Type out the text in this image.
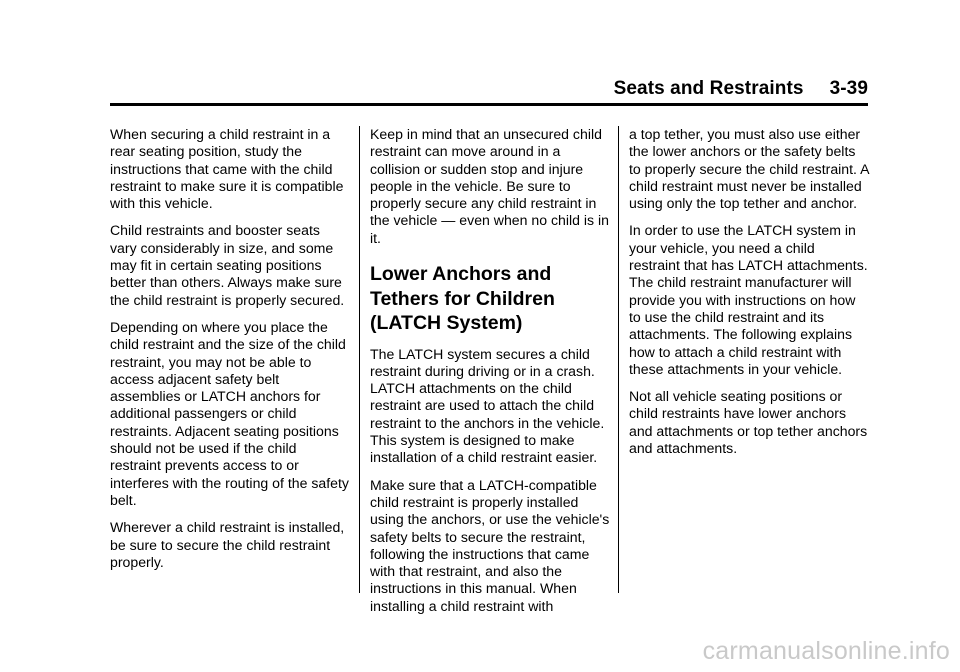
Seats and Restraints 3-39

When securing a child restraint in a rear seating position, study the instructions that came with the child restraint to make sure it is compatible with this vehicle.

Child restraints and booster seats vary considerably in size, and some may fit in certain seating positions better than others. Always make sure the child restraint is properly secured.

Depending on where you place the child restraint and the size of the child restraint, you may not be able to access adjacent safety belt assemblies or LATCH anchors for additional passengers or child restraints. Adjacent seating positions should not be used if the child restraint prevents access to or interferes with the routing of the safety belt.

Wherever a child restraint is installed, be sure to secure the child restraint properly.

Keep in mind that an unsecured child restraint can move around in a collision or sudden stop and injure people in the vehicle. Be sure to properly secure any child restraint in the vehicle — even when no child is in it.

Lower Anchors and Tethers for Children (LATCH System)

The LATCH system secures a child restraint during driving or in a crash. LATCH attachments on the child restraint are used to attach the child restraint to the anchors in the vehicle. This system is designed to make installation of a child restraint easier.

Make sure that a LATCH-compatible child restraint is properly installed using the anchors, or use the vehicle's safety belts to secure the restraint, following the instructions that came with that restraint, and also the instructions in this manual. When installing a child restraint with

a top tether, you must also use either the lower anchors or the safety belts to properly secure the child restraint. A child restraint must never be installed using only the top tether and anchor.

In order to use the LATCH system in your vehicle, you need a child restraint that has LATCH attachments. The child restraint manufacturer will provide you with instructions on how to use the child restraint and its attachments. The following explains how to attach a child restraint with these attachments in your vehicle.

Not all vehicle seating positions or child restraints have lower anchors and attachments or top tether anchors and attachments.

carmanualsonline.info
